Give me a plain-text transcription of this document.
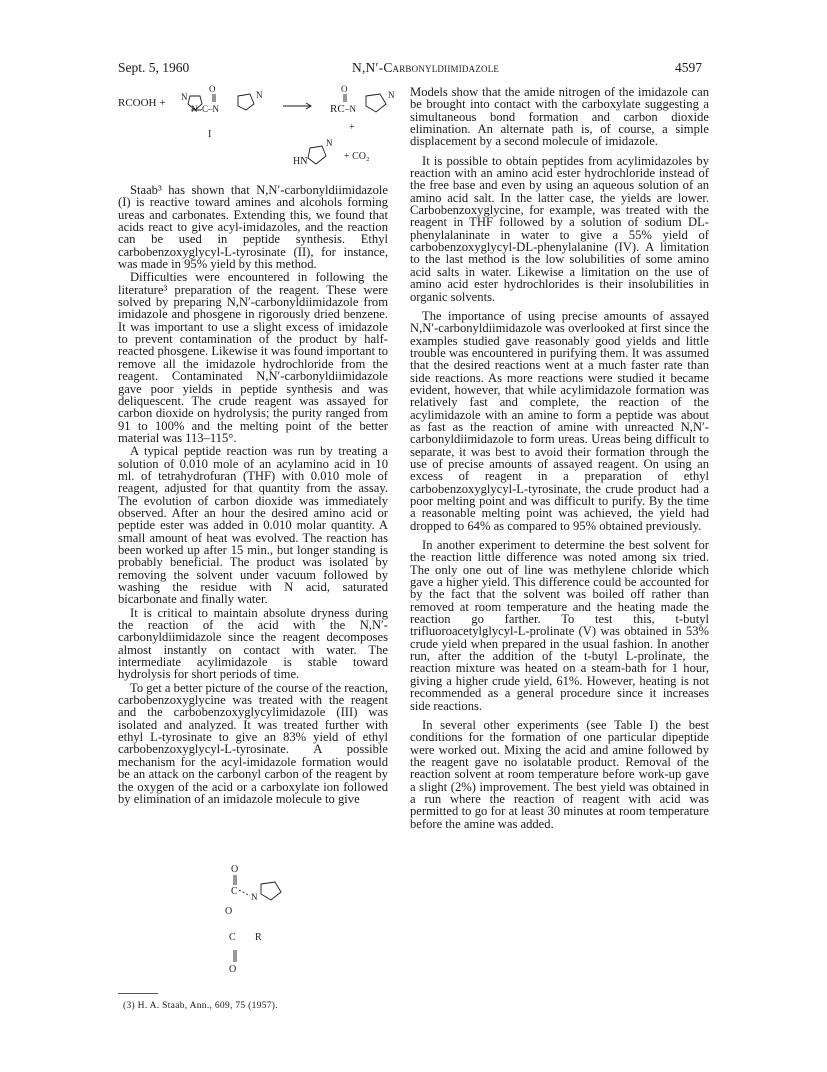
Sept. 5, 1960	N,N′-Carbonyldiimidazole	4597
RCOOH + N
N–C–N
O
N
I
O
RC –N
N
+
HN
N
+ CO₂

Staab³ has shown that N,N′-carbonyldiimidazole (I) is reactive toward amines and alcohols forming ureas and carbonates. Extending this, we found that acids react to give acyl-imidazoles, and the reaction can be used in peptide synthesis. Ethyl carbobenzoxyglycyl-L-tyrosinate (II), for instance, was made in 95% yield by this method.

Difficulties were encountered in following the literature³ preparation of the reagent. These were solved by preparing N,N′-carbonyldiimidazole from imidazole and phosgene in rigorously dried benzene. It was important to use a slight excess of imidazole to prevent contamination of the product by half-reacted phosgene. Likewise it was found important to remove all the imidazole hydrochloride from the reagent. Contaminated N,N′-carbonyldiimidazole gave poor yields in peptide synthesis and was deliquescent. The crude reagent was assayed for carbon dioxide on hydrolysis; the purity ranged from 91 to 100% and the melting point of the better material was 113–115°.

A typical peptide reaction was run by treating a solution of 0.010 mole of an acylamino acid in 10 ml. of tetrahydrofuran (THF) with 0.010 mole of reagent, adjusted for that quantity from the assay. The evolution of carbon dioxide was immediately observed. After an hour the desired amino acid or peptide ester was added in 0.010 molar quantity. A small amount of heat was evolved. The reaction has been worked up after 15 min., but longer standing is probably beneficial. The product was isolated by removing the solvent under vacuum followed by washing the residue with N acid, saturated bicarbonate and finally water.

It is critical to maintain absolute dryness during the reaction of the acid with the N,N′-carbonyldiimidazole since the reagent decomposes almost instantly on contact with water. The intermediate acylimidazole is stable toward hydrolysis for short periods of time.

To get a better picture of the course of the reaction, carbobenzoxyglycine was treated with the reagent and the carbobenzoxyglycylimidazole (III) was isolated and analyzed. It was treated further with ethyl L-tyrosinate to give an 83% yield of ethyl carbobenzoxyglycyl-L-tyrosinate. A possible mechanism for the acyl-imidazole formation would be an attack on the carbonyl carbon of the reagent by the oxygen of the acid or a carboxylate ion followed by elimination of an imidazole molecule to give

O
C N
O
C R
O
(3) H. A. Staab, Ann., 609, 75 (1957).

Models show that the amide nitrogen of the imidazole can be brought into contact with the carboxylate suggesting a simultaneous bond formation and carbon dioxide elimination. An alternate path is, of course, a simple displacement by a second molecule of imidazole.

It is possible to obtain peptides from acylimidazoles by reaction with an amino acid ester hydrochloride instead of the free base and even by using an aqueous solution of an amino acid salt. In the latter case, the yields are lower. Carbobenzoxyglycine, for example, was treated with the reagent in THF followed by a solution of sodium DL-phenylalaninate in water to give a 55% yield of carbobenzoxyglycyl-DL-phenylalanine (IV). A limitation to the last method is the low solubilities of some amino acid salts in water. Likewise a limitation on the use of amino acid ester hydrochlorides is their insolubilities in organic solvents.

The importance of using precise amounts of assayed N,N′-carbonyldiimidazole was overlooked at first since the examples studied gave reasonably good yields and little trouble was encountered in purifying them. It was assumed that the desired reactions went at a much faster rate than side reactions. As more reactions were studied it became evident, however, that while acylimidazole formation was relatively fast and complete, the reaction of the acylimidazole with an amine to form a peptide was about as fast as the reaction of amine with unreacted N,N′-carbonyldiimidazole to form ureas. Ureas being difficult to separate, it was best to avoid their formation through the use of precise amounts of assayed reagent. On using an excess of reagent in a preparation of ethyl carbobenzoxyglycyl-L-tyrosinate, the crude product had a poor melting point and was difficult to purify. By the time a reasonable melting point was achieved, the yield had dropped to 64% as compared to 95% obtained previously.

In another experiment to determine the best solvent for the reaction little difference was noted among six tried. The only one out of line was methylene chloride which gave a higher yield. This difference could be accounted for by the fact that the solvent was boiled off rather than removed at room temperature and the heating made the reaction go farther. To test this, t-butyl trifluoroacetylglycyl-L-prolinate (V) was obtained in 53% crude yield when prepared in the usual fashion. In another run, after the addition of the t-butyl L-prolinate, the reaction mixture was heated on a steam-bath for 1 hour, giving a higher crude yield, 61%. However, heating is not recommended as a general procedure since it increases side reactions.

In several other experiments (see Table I) the best conditions for the formation of one particular dipeptide were worked out. Mixing the acid and amine followed by the reagent gave no isolatable product. Removal of the reaction solvent at room temperature before work-up gave a slight (2%) improvement. The best yield was obtained in a run where the reaction of reagent with acid was permitted to go for at least 30 minutes at room temperature before the amine was added.
